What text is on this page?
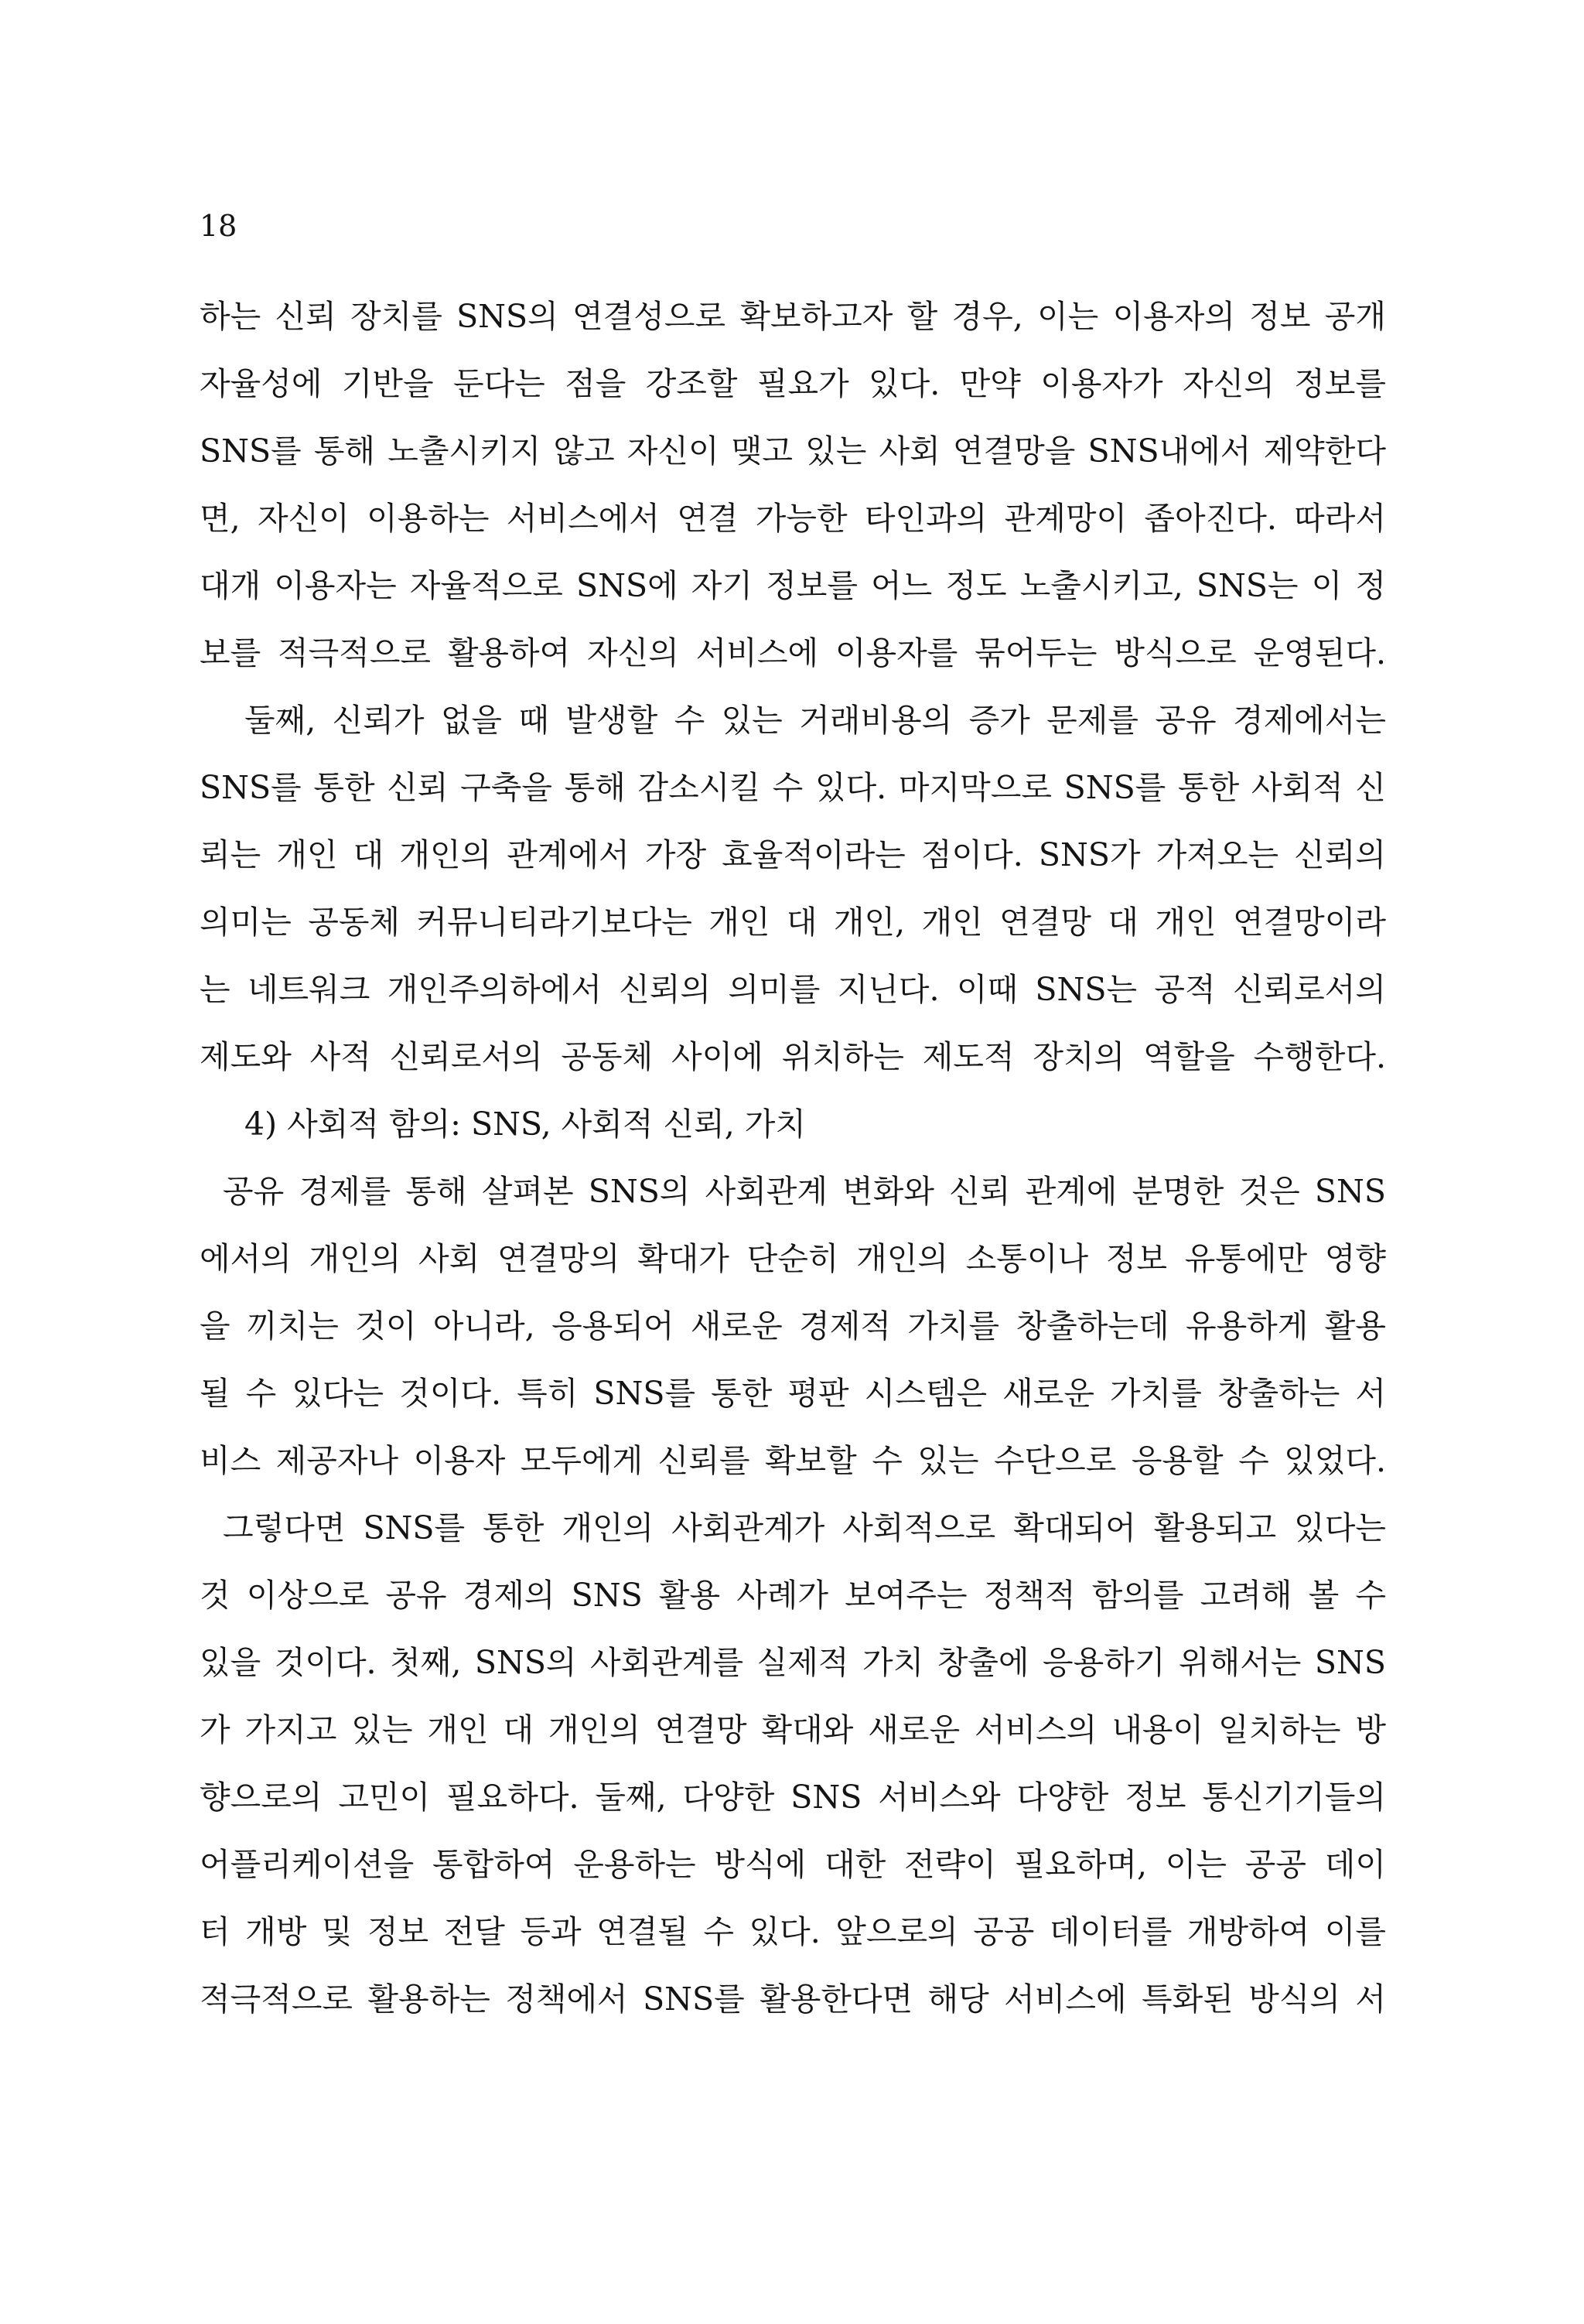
18

하는 신뢰 장치를 SNS의 연결성으로 확보하고자 할 경우, 이는 이용자의 정보 공개

자율성에 기반을 둔다는 점을 강조할 필요가 있다. 만약 이용자가 자신의 정보를

SNS를 통해 노출시키지 않고 자신이 맺고 있는 사회 연결망을 SNS내에서 제약한다

면, 자신이 이용하는 서비스에서 연결 가능한 타인과의 관계망이 좁아진다. 따라서

대개 이용자는 자율적으로 SNS에 자기 정보를 어느 정도 노출시키고, SNS는 이 정

보를 적극적으로 활용하여 자신의 서비스에 이용자를 묶어두는 방식으로 운영된다.

둘째, 신뢰가 없을 때 발생할 수 있는 거래비용의 증가 문제를 공유 경제에서는

SNS를 통한 신뢰 구축을 통해 감소시킬 수 있다. 마지막으로 SNS를 통한 사회적 신

뢰는 개인 대 개인의 관계에서 가장 효율적이라는 점이다. SNS가 가져오는 신뢰의

의미는 공동체 커뮤니티라기보다는 개인 대 개인, 개인 연결망 대 개인 연결망이라

는 네트워크 개인주의하에서 신뢰의 의미를 지닌다. 이때 SNS는 공적 신뢰로서의

제도와 사적 신뢰로서의 공동체 사이에 위치하는 제도적 장치의 역할을 수행한다.

4) 사회적 함의: SNS, 사회적 신뢰, 가치

공유 경제를 통해 살펴본 SNS의 사회관계 변화와 신뢰 관계에 분명한 것은 SNS

에서의 개인의 사회 연결망의 확대가 단순히 개인의 소통이나 정보 유통에만 영향

을 끼치는 것이 아니라, 응용되어 새로운 경제적 가치를 창출하는데 유용하게 활용

될 수 있다는 것이다. 특히 SNS를 통한 평판 시스템은 새로운 가치를 창출하는 서

비스 제공자나 이용자 모두에게 신뢰를 확보할 수 있는 수단으로 응용할 수 있었다.

그렇다면 SNS를 통한 개인의 사회관계가 사회적으로 확대되어 활용되고 있다는

것 이상으로 공유 경제의 SNS 활용 사례가 보여주는 정책적 함의를 고려해 볼 수

있을 것이다. 첫째, SNS의 사회관계를 실제적 가치 창출에 응용하기 위해서는 SNS

가 가지고 있는 개인 대 개인의 연결망 확대와 새로운 서비스의 내용이 일치하는 방

향으로의 고민이 필요하다. 둘째, 다양한 SNS 서비스와 다양한 정보 통신기기들의

어플리케이션을 통합하여 운용하는 방식에 대한 전략이 필요하며, 이는 공공 데이

터 개방 및 정보 전달 등과 연결될 수 있다. 앞으로의 공공 데이터를 개방하여 이를

적극적으로 활용하는 정책에서 SNS를 활용한다면 해당 서비스에 특화된 방식의 서
